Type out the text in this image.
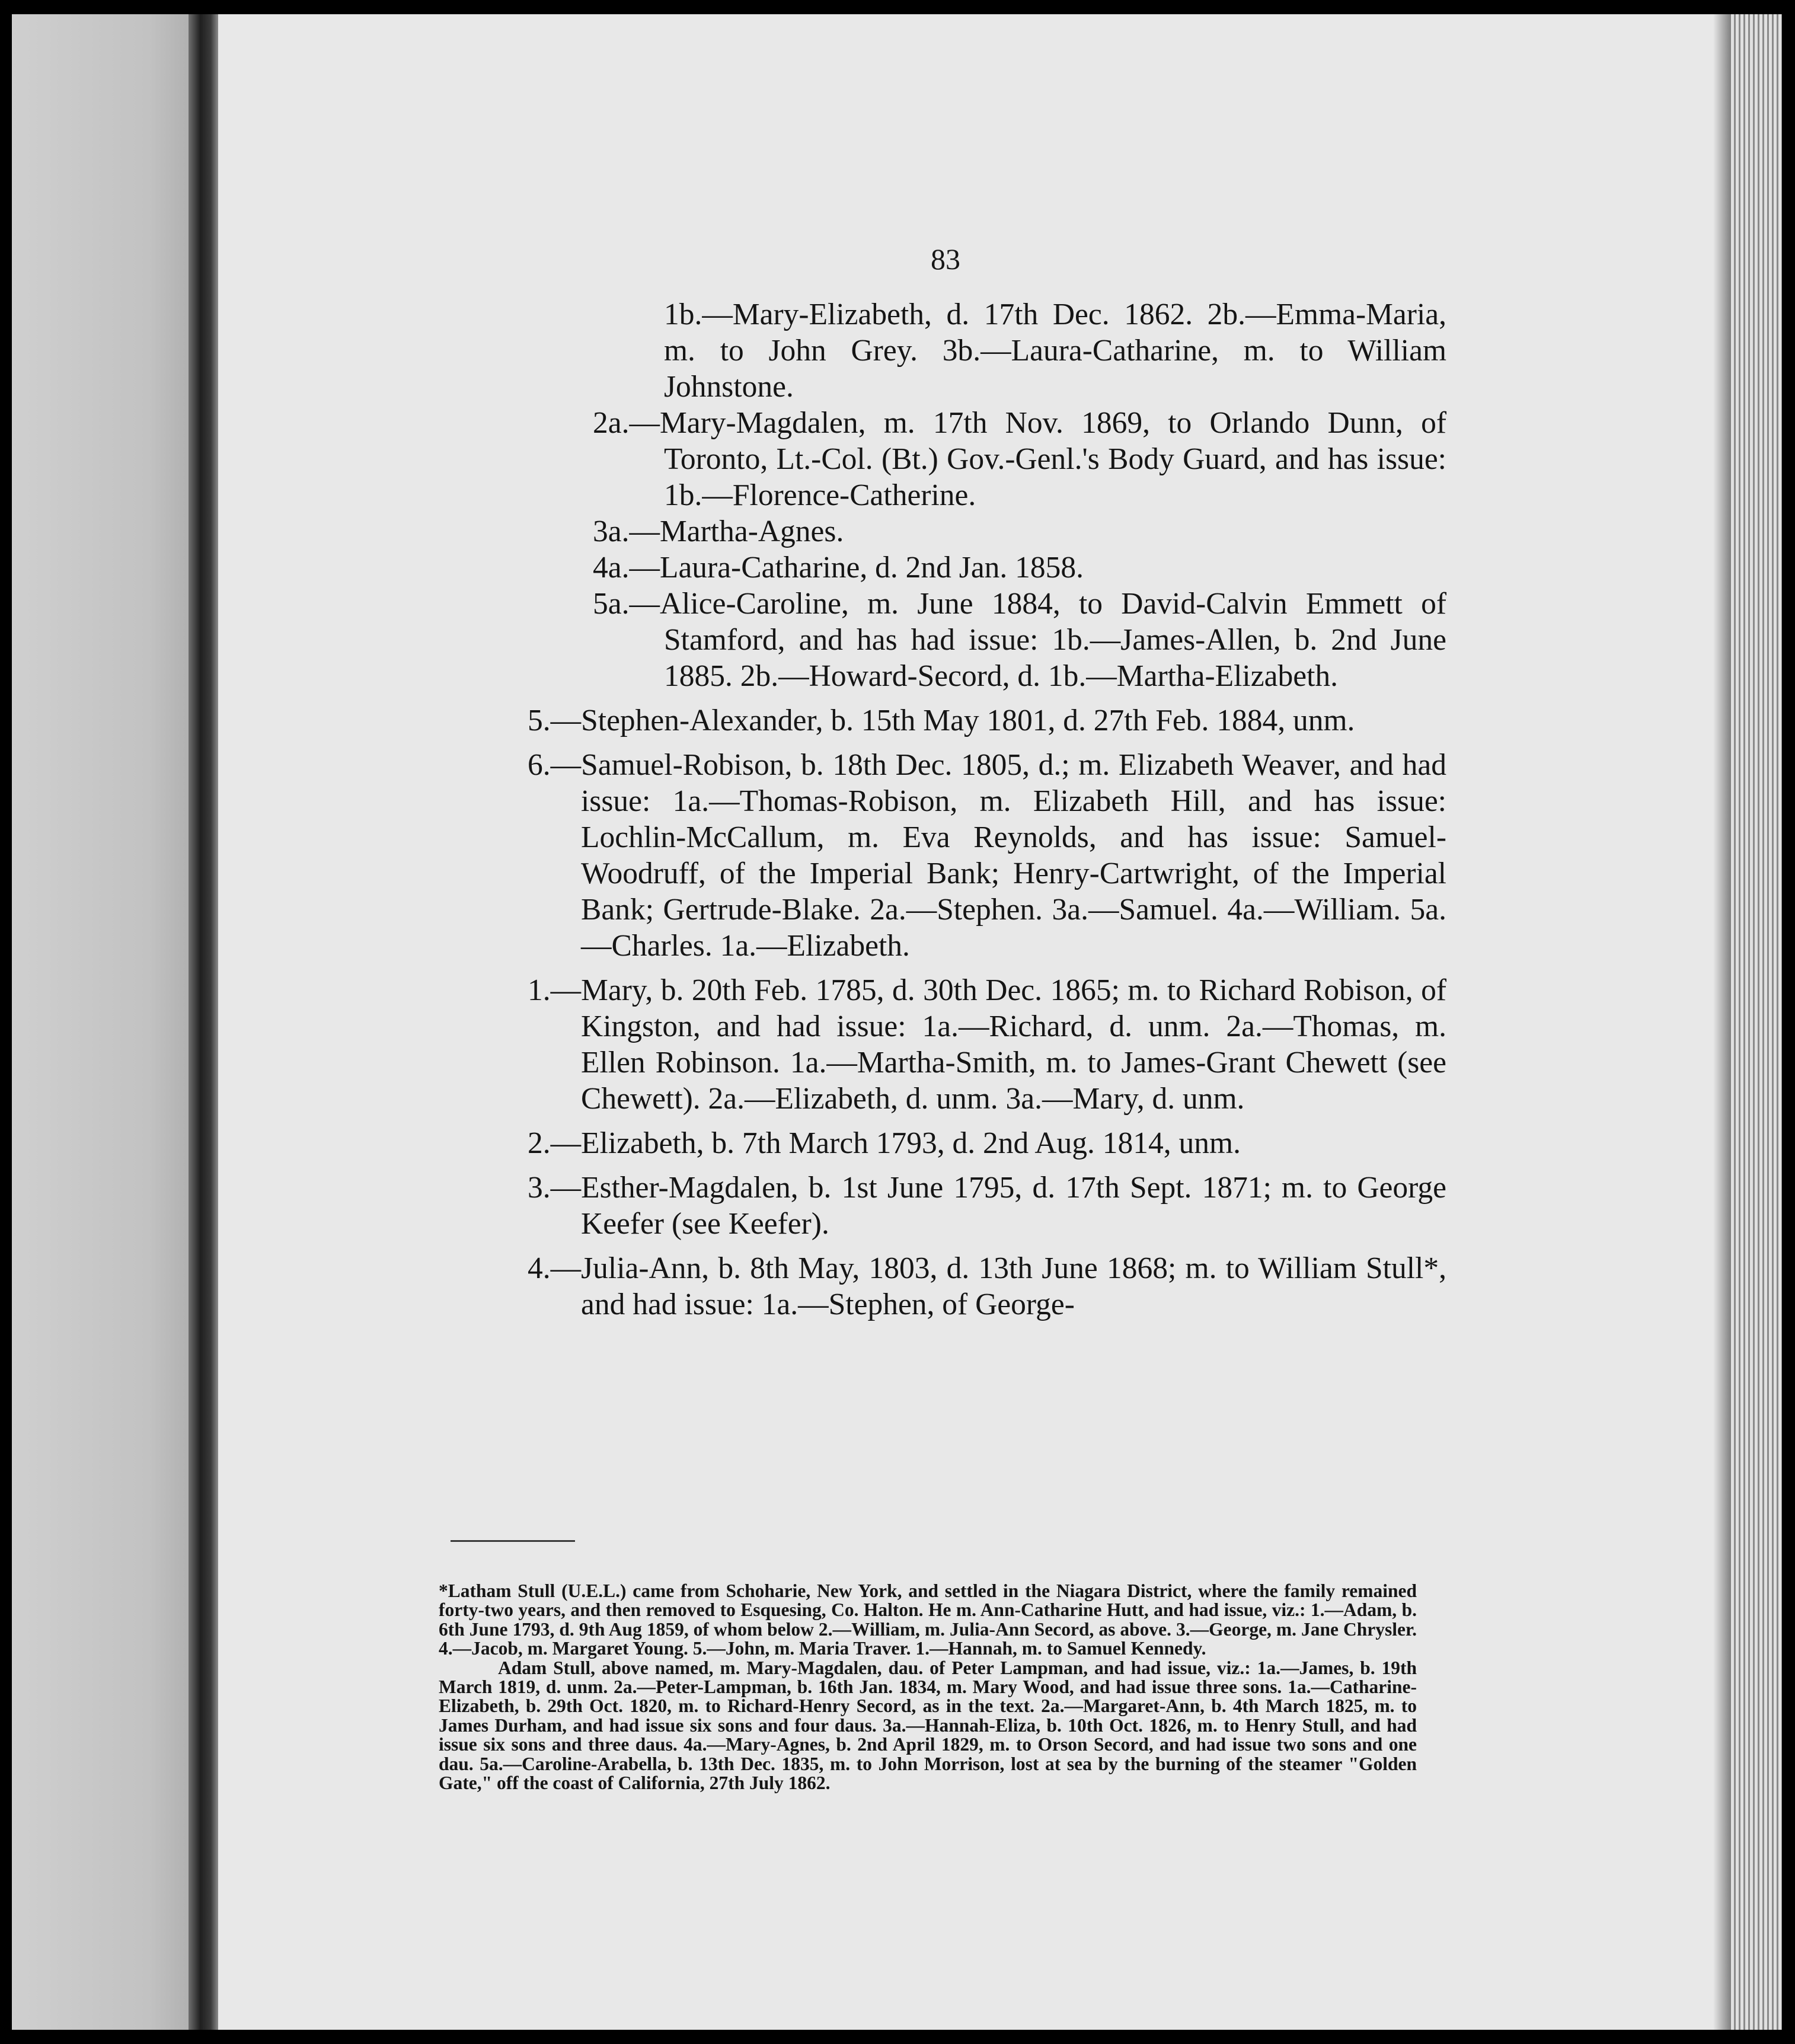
83

1b.—Mary-Elizabeth, d. 17th Dec. 1862. 2b.—Emma-Maria, m. to John Grey. 3b.—Laura-Catharine, m. to William Johnstone.

2a.—Mary-Magdalen, m. 17th Nov. 1869, to Orlando Dunn, of Toronto, Lt.-Col. (Bt.) Gov.-Genl.'s Body Guard, and has issue: 1b.—Florence-Catherine.

3a.—Martha-Agnes.

4a.—Laura-Catharine, d. 2nd Jan. 1858.

5a.—Alice-Caroline, m. June 1884, to David-Calvin Emmett of Stamford, and has had issue: 1b.—James-Allen, b. 2nd June 1885. 2b.—Howard-Secord, d. 1b.—Martha-Elizabeth.

5.—Stephen-Alexander, b. 15th May 1801, d. 27th Feb. 1884, unm.

6.—Samuel-Robison, b. 18th Dec. 1805, d.; m. Elizabeth Weaver, and had issue: 1a.—Thomas-Robison, m. Elizabeth Hill, and has issue: Lochlin-McCallum, m. Eva Reynolds, and has issue: Samuel-Woodruff, of the Imperial Bank; Henry-Cartwright, of the Imperial Bank; Gertrude-Blake. 2a.—Stephen. 3a.—Samuel. 4a.—William. 5a.—Charles. 1a.—Elizabeth.

1.—Mary, b. 20th Feb. 1785, d. 30th Dec. 1865; m. to Richard Robison, of Kingston, and had issue: 1a.—Richard, d. unm. 2a.—Thomas, m. Ellen Robinson. 1a.—Martha-Smith, m. to James-Grant Chewett (see Chewett). 2a.—Elizabeth, d. unm. 3a.—Mary, d. unm.

2.—Elizabeth, b. 7th March 1793, d. 2nd Aug. 1814, unm.

3.—Esther-Magdalen, b. 1st June 1795, d. 17th Sept. 1871; m. to George Keefer (see Keefer).

4.—Julia-Ann, b. 8th May, 1803, d. 13th June 1868; m. to William Stull*, and had issue: 1a.—Stephen, of George-

*Latham Stull (U.E.L.) came from Schoharie, New York, and settled in the Niagara District, where the family remained forty-two years, and then removed to Esquesing, Co. Halton. He m. Ann-Catharine Hutt, and had issue, viz.: 1.—Adam, b. 6th June 1793, d. 9th Aug 1859, of whom below 2.—William, m. Julia-Ann Secord, as above. 3.—George, m. Jane Chrysler. 4.—Jacob, m. Margaret Young. 5.—John, m. Maria Traver. 1.—Hannah, m. to Samuel Kennedy.

Adam Stull, above named, m. Mary-Magdalen, dau. of Peter Lampman, and had issue, viz.: 1a.—James, b. 19th March 1819, d. unm. 2a.—Peter-Lampman, b. 16th Jan. 1834, m. Mary Wood, and had issue three sons. 1a.—Catharine-Elizabeth, b. 29th Oct. 1820, m. to Richard-Henry Secord, as in the text. 2a.—Margaret-Ann, b. 4th March 1825, m. to James Durham, and had issue six sons and four daus. 3a.—Hannah-Eliza, b. 10th Oct. 1826, m. to Henry Stull, and had issue six sons and three daus. 4a.—Mary-Agnes, b. 2nd April 1829, m. to Orson Secord, and had issue two sons and one dau. 5a.—Caroline-Arabella, b. 13th Dec. 1835, m. to John Morrison, lost at sea by the burning of the steamer "Golden Gate," off the coast of California, 27th July 1862.
